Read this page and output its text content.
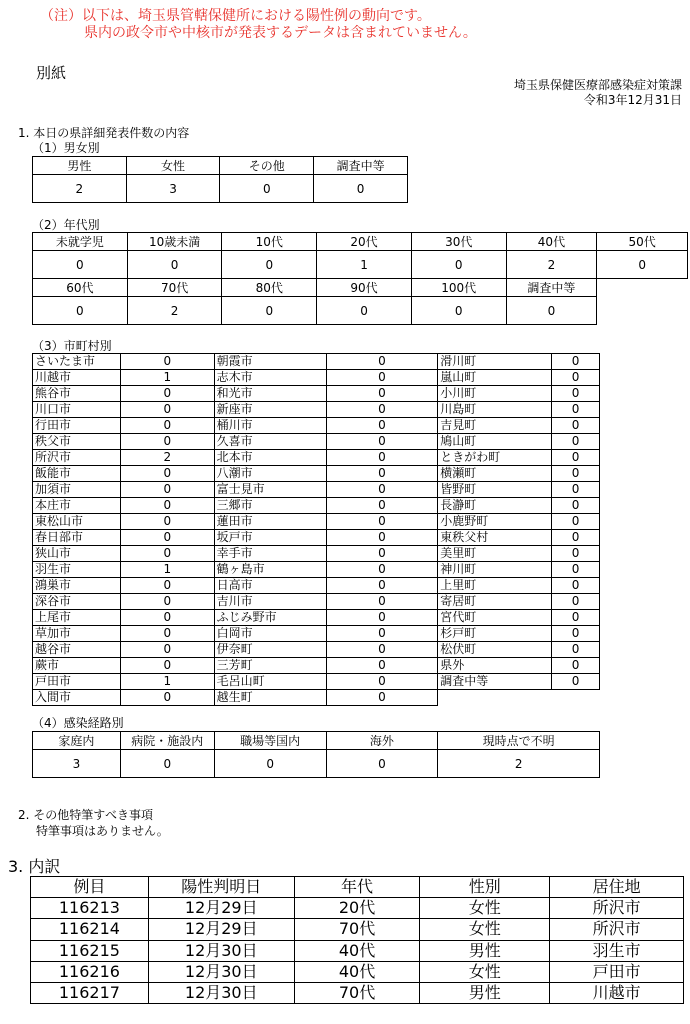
（注）以下は、埼玉県管轄保健所における陽性例の動向です。
県内の政令市や中核市が発表するデータは含まれていません。
別紙
埼玉県保健医療部感染症対策課
令和3年12月31日
1. 本日の県詳細発表件数の内容
（1）男女別
男性	女性	その他	調査中等
2	3	0	0
（2）年代別
未就学児	10歳未満	10代	20代	30代	40代	50代
0	0	0	1	0	2	0
60代	70代	80代	90代	100代	調査中等	
0	2	0	0	0	0	
（3）市町村別
さいたま市	0	朝霞市	0	滑川町	0
川越市	1	志木市	0	嵐山町	0
熊谷市	0	和光市	0	小川町	0
川口市	0	新座市	0	川島町	0
行田市	0	桶川市	0	吉見町	0
秩父市	0	久喜市	0	鳩山町	0
所沢市	2	北本市	0	ときがわ町	0
飯能市	0	八潮市	0	横瀬町	0
加須市	0	富士見市	0	皆野町	0
本庄市	0	三郷市	0	長瀞町	0
東松山市	0	蓮田市	0	小鹿野町	0
春日部市	0	坂戸市	0	東秩父村	0
狭山市	0	幸手市	0	美里町	0
羽生市	1	鶴ヶ島市	0	神川町	0
鴻巣市	0	日高市	0	上里町	0
深谷市	0	吉川市	0	寄居町	0
上尾市	0	ふじみ野市	0	宮代町	0
草加市	0	白岡市	0	杉戸町	0
越谷市	0	伊奈町	0	松伏町	0
蕨市	0	三芳町	0	県外	0
戸田市	1	毛呂山町	0	調査中等	0
入間市	0	越生町	0		
（4）感染経路別
家庭内	病院・施設内	職場等国内	海外	現時点で不明
3	0	0	0	2
2. その他特筆すべき事項
特筆事項はありません。
3. 内訳
例目	陽性判明日	年代	性別	居住地
116213	12月29日	20代	女性	所沢市
116214	12月29日	70代	女性	所沢市
116215	12月30日	40代	男性	羽生市
116216	12月30日	40代	女性	戸田市
116217	12月30日	70代	男性	川越市
